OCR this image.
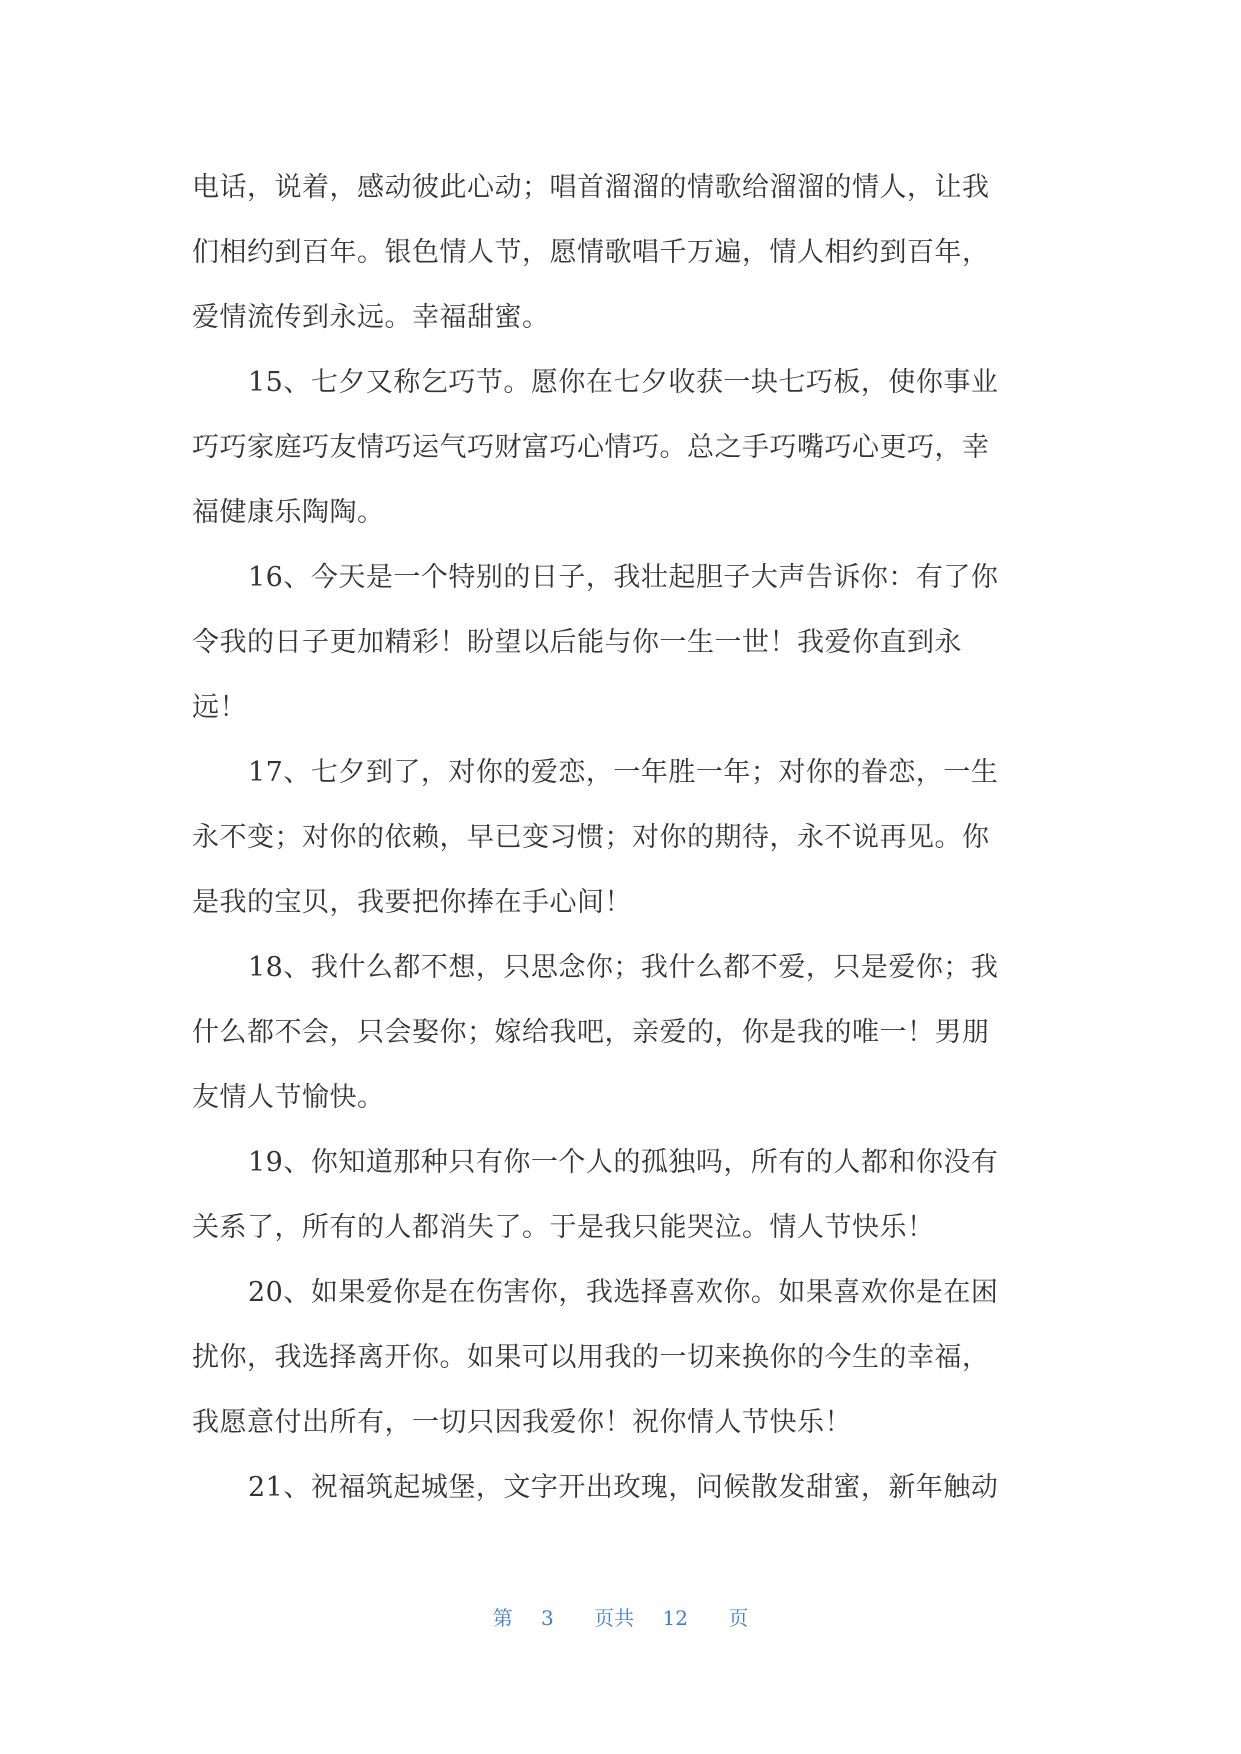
电话，说着，感动彼此心动；唱首溜溜的情歌给溜溜的情人，让我
们相约到百年。银色情人节，愿情歌唱千万遍，情人相约到百年，
爱情流传到永远。幸福甜蜜。
15、七夕又称乞巧节。愿你在七夕收获一块七巧板，使你事业
巧巧家庭巧友情巧运气巧财富巧心情巧。总之手巧嘴巧心更巧，幸
福健康乐陶陶。
16、今天是一个特别的日子，我壮起胆子大声告诉你：有了你
令我的日子更加精彩！盼望以后能与你一生一世！我爱你直到永
远！
17、七夕到了，对你的爱恋，一年胜一年；对你的眷恋，一生
永不变；对你的依赖，早已变习惯；对你的期待，永不说再见。你
是我的宝贝，我要把你捧在手心间！
18、我什么都不想，只思念你；我什么都不爱，只是爱你；我
什么都不会，只会娶你；嫁给我吧，亲爱的，你是我的唯一！男朋
友情人节愉快。
19、你知道那种只有你一个人的孤独吗，所有的人都和你没有
关系了，所有的人都消失了。于是我只能哭泣。情人节快乐！
20、如果爱你是在伤害你，我选择喜欢你。如果喜欢你是在困
扰你，我选择离开你。如果可以用我的一切来换你的今生的幸福，
我愿意付出所有，一切只因我爱你！祝你情人节快乐！
21、祝福筑起城堡，文字开出玫瑰，问候散发甜蜜，新年触动
第 3 页共 12 页
